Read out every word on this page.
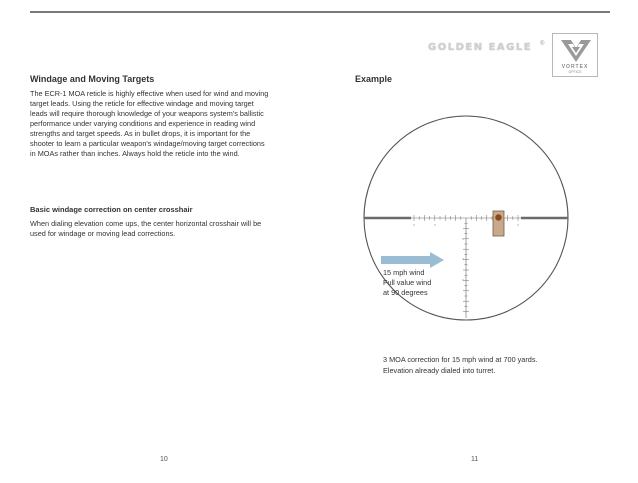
GOLDEN EAGLE ®
VORTEX
OPTICS
Windage and Moving Targets
The ECR-1 MOA reticle is highly effective when used for wind and moving target leads. Using the reticle for effective windage and moving target leads will require thorough knowledge of your weapons system's ballistic performance under varying conditions and experience in reading wind strengths and target speeds. As in bullet drops, it is important for the shooter to learn a particular weapon's windage/moving target corrections in MOAs rather than inches. Always hold the reticle into the wind.
Basic windage correction on center crosshair
When dialing elevation come ups, the center horizontal crosshair will be used for windage or moving lead corrections.
10
Example
15 mph wind
Full value wind
at 90 degrees
3 MOA correction for 15 mph wind at 700 yards. Elevation already dialed into turret.
11
